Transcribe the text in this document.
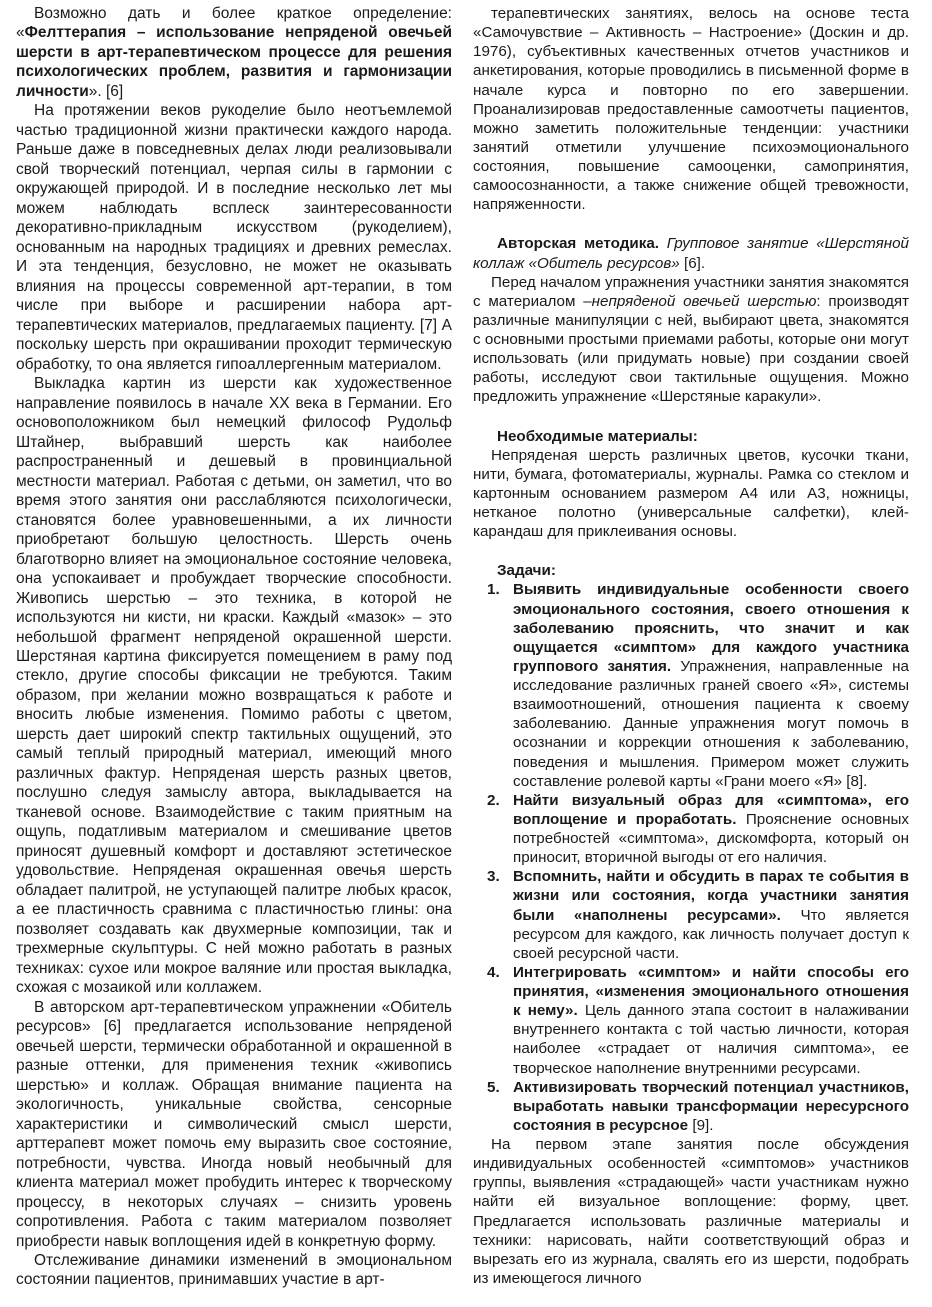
Возможно дать и более краткое определение: «Фелттерапия – использование непряденой овечьей шерсти в арт-терапевтическом процессе для решения психологических проблем, развития и гармонизации личности». [6]

На протяжении веков рукоделие было неотъемлемой частью традиционной жизни практически каждого народа. Раньше даже в повседневных делах люди реализовывали свой творческий потенциал, черпая силы в гармонии с окружающей природой. И в последние несколько лет мы можем наблюдать всплеск заинтересованности декоративно-прикладным искусством (рукоделием), основанным на народных традициях и древних ремеслах. И эта тенденция, безусловно, не может не оказывать влияния на процессы современной арт-терапии, в том числе при выборе и расширении набора арт-терапевтических материалов, предлагаемых пациенту. [7] А поскольку шерсть при окрашивании проходит термическую обработку, то она является гипоаллергенным материалом.

Выкладка картин из шерсти как художественное направление появилось в начале XX века в Германии. Его основоположником был немецкий философ Рудольф Штайнер, выбравший шерсть как наиболее распространенный и дешевый в провинциальной местности материал. Работая с детьми, он заметил, что во время этого занятия они расслабляются психологически, становятся более уравновешенными, а их личности приобретают большую целостность. Шерсть очень благотворно влияет на эмоциональное состояние человека, она успокаивает и пробуждает творческие способности. Живопись шерстью – это техника, в которой не используются ни кисти, ни краски. Каждый «мазок» – это небольшой фрагмент непряденой окрашенной шерсти. Шерстяная картина фиксируется помещением в раму под стекло, другие способы фиксации не требуются. Таким образом, при желании можно возвращаться к работе и вносить любые изменения. Помимо работы с цветом, шерсть дает широкий спектр тактильных ощущений, это самый теплый природный материал, имеющий много различных фактур. Непряденая шерсть разных цветов, послушно следуя замыслу автора, выкладывается на тканевой основе. Взаимодействие с таким приятным на ощупь, податливым материалом и смешивание цветов приносят душевный комфорт и доставляют эстетическое удовольствие. Непряденая окрашенная овечья шерсть обладает палитрой, не уступающей палитре любых красок, а ее пластичность сравнима с пластичностью глины: она позволяет создавать как двухмерные композиции, так и трехмерные скульптуры. С ней можно работать в разных техниках: сухое или мокрое валяние или простая выкладка, схожая с мозаикой или коллажем.

В авторском арт-терапевтическом упражнении «Обитель ресурсов» [6] предлагается использование непряденой овечьей шерсти, термически обработанной и окрашенной в разные оттенки, для применения техник «живопись шерстью» и коллаж. Обращая внимание пациента на экологичность, уникальные свойства, сенсорные характеристики и символический смысл шерсти, арттерапевт может помочь ему выразить свое состояние, потребности, чувства. Иногда новый необычный для клиента материал может пробудить интерес к творческому процессу, в некоторых случаях – снизить уровень сопротивления. Работа с таким материалом позволяет приобрести навык воплощения идей в конкретную форму.

Отслеживание динамики изменений в эмоциональном состоянии пациентов, принимавших участие в арт-

терапевтических занятиях, велось на основе теста «Самочувствие – Активность – Настроение» (Доскин и др. 1976), субъективных качественных отчетов участников и анкетирования, которые проводились в письменной форме в начале курса и повторно по его завершении. Проанализировав предоставленные самоотчеты пациентов, можно заметить положительные тенденции: участники занятий отметили улучшение психоэмоционального состояния, повышение самооценки, самопринятия, самоосознанности, а также снижение общей тревожности, напряженности.

Авторская методика. Групповое занятие «Шерстяной коллаж «Обитель ресурсов» [6].

Перед началом упражнения участники занятия знакомятся с материалом –непряденой овечьей шерстью: производят различные манипуляции с ней, выбирают цвета, знакомятся с основными простыми приемами работы, которые они могут использовать (или придумать новые) при создании своей работы, исследуют свои тактильные ощущения. Можно предложить упражнение «Шерстяные каракули».

Необходимые материалы:

Непряденая шерсть различных цветов, кусочки ткани, нити, бумага, фотоматериалы, журналы. Рамка со стеклом и картонным основанием размером А4 или А3, ножницы, нетканое полотно (универсальные салфетки), клей-карандаш для приклеивания основы.

Задачи:

1. Выявить индивидуальные особенности своего эмоционального состояния, своего отношения к заболеванию прояснить, что значит и как ощущается «симптом» для каждого участника группового занятия. Упражнения, направленные на исследование различных граней своего «Я», системы взаимоотношений, отношения пациента к своему заболеванию. Данные упражнения могут помочь в осознании и коррекции отношения к заболеванию, поведения и мышления. Примером может служить составление ролевой карты «Грани моего «Я» [8].
2. Найти визуальный образ для «симптома», его воплощение и проработать. Прояснение основных потребностей «симптома», дискомфорта, который он приносит, вторичной выгоды от его наличия.
3. Вспомнить, найти и обсудить в парах те события в жизни или состояния, когда участники занятия были «наполнены ресурсами». Что является ресурсом для каждого, как личность получает доступ к своей ресурсной части.
4. Интегрировать «симптом» и найти способы его принятия, «изменения эмоционального отношения к нему». Цель данного этапа состоит в налаживании внутреннего контакта с той частью личности, которая наиболее «страдает от наличия симптома», ее творческое наполнение внутренними ресурсами.
5. Активизировать творческий потенциал участников, выработать навыки трансформации нересурсного состояния в ресурсное [9].

На первом этапе занятия после обсуждения индивидуальных особенностей «симптомов» участников группы, выявления «страдающей» части участникам нужно найти ей визуальное воплощение: форму, цвет. Предлагается использовать различные материалы и техники: нарисовать, найти соответствующий образ и вырезать его из журнала, свалять его из шерсти, подобрать из имеющегося личного
